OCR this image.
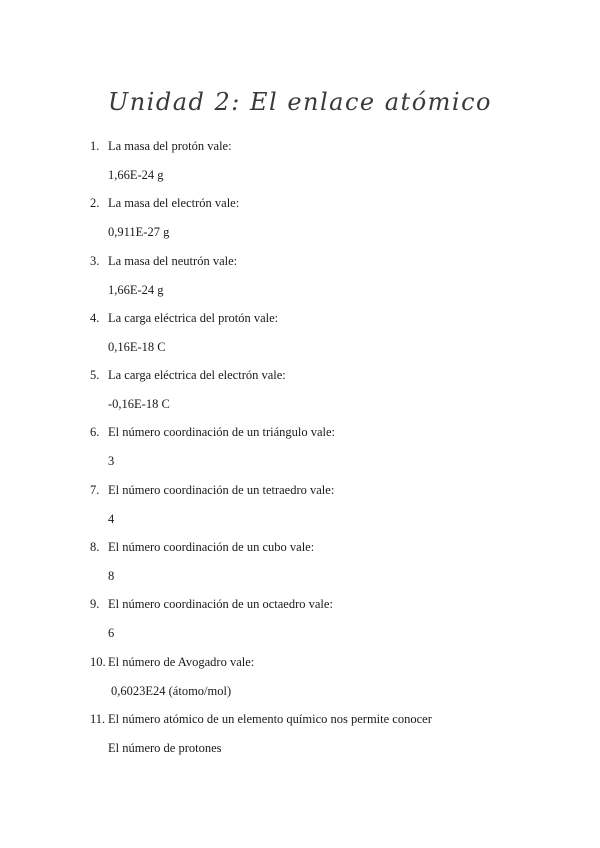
Unidad 2: El enlace atómico
1. La masa del protón vale:
1,66E-24 g
2. La masa del electrón vale:
0,911E-27 g
3. La masa del neutrón vale:
1,66E-24 g
4. La carga eléctrica del protón vale:
0,16E-18 C
5. La carga eléctrica del electrón vale:
-0,16E-18 C
6. El número coordinación de un triángulo vale:
3
7. El número coordinación de un tetraedro vale:
4
8. El número coordinación de un cubo vale:
8
9. El número coordinación de un octaedro vale:
6
10. El número de Avogadro vale:
0,6023E24 (átomo/mol)
11. El número atómico de un elemento químico nos permite conocer
El número de protones
